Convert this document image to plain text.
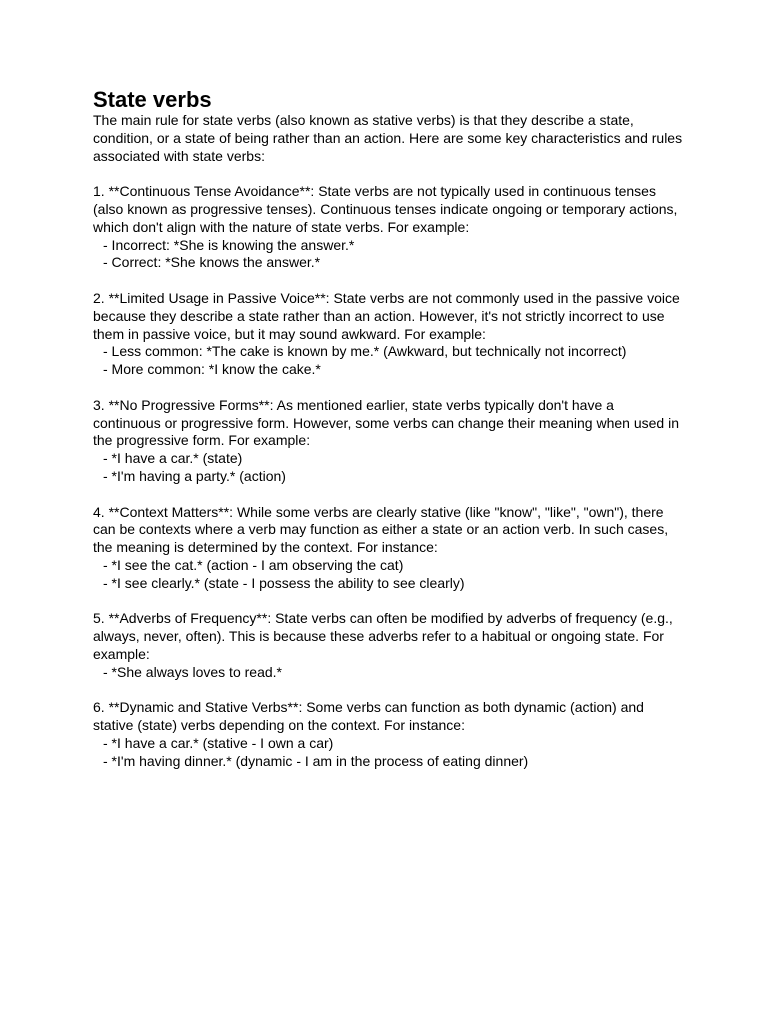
State verbs

The main rule for state verbs (also known as stative verbs) is that they describe a state, condition, or a state of being rather than an action. Here are some key characteristics and rules associated with state verbs:

1. **Continuous Tense Avoidance**: State verbs are not typically used in continuous tenses (also known as progressive tenses). Continuous tenses indicate ongoing or temporary actions, which don't align with the nature of state verbs. For example:

- Incorrect: *She is knowing the answer.*

- Correct: *She knows the answer.*

2. **Limited Usage in Passive Voice**: State verbs are not commonly used in the passive voice because they describe a state rather than an action. However, it's not strictly incorrect to use them in passive voice, but it may sound awkward. For example:

- Less common: *The cake is known by me.* (Awkward, but technically not incorrect)

- More common: *I know the cake.*

3. **No Progressive Forms**: As mentioned earlier, state verbs typically don't have a continuous or progressive form. However, some verbs can change their meaning when used in the progressive form. For example:

- *I have a car.* (state)

- *I'm having a party.* (action)

4. **Context Matters**: While some verbs are clearly stative (like "know", "like", "own"), there can be contexts where a verb may function as either a state or an action verb. In such cases, the meaning is determined by the context. For instance:

- *I see the cat.* (action - I am observing the cat)

- *I see clearly.* (state - I possess the ability to see clearly)

5. **Adverbs of Frequency**: State verbs can often be modified by adverbs of frequency (e.g., always, never, often). This is because these adverbs refer to a habitual or ongoing state. For example:

- *She always loves to read.*

6. **Dynamic and Stative Verbs**: Some verbs can function as both dynamic (action) and stative (state) verbs depending on the context. For instance:

- *I have a car.* (stative - I own a car)

- *I'm having dinner.* (dynamic - I am in the process of eating dinner)
